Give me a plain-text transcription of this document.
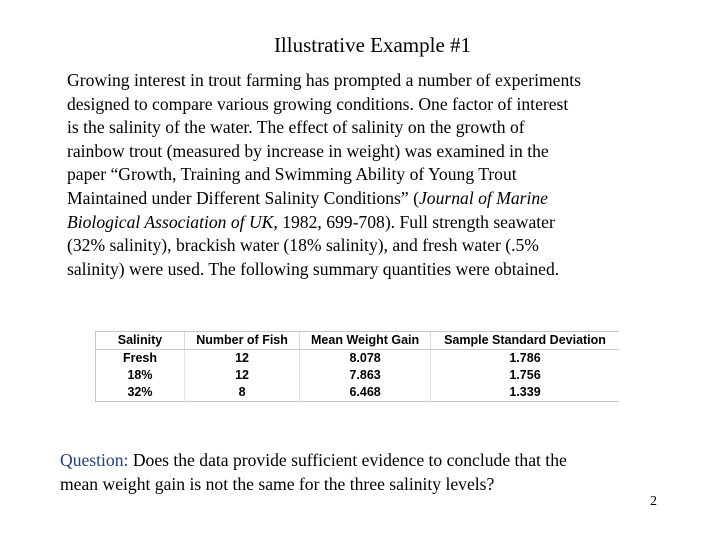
Illustrative Example #1
Growing interest in trout farming has prompted a number of experiments
designed to compare various growing conditions. One factor of interest
is the salinity of the water. The effect of salinity on the growth of
rainbow trout (measured by increase in weight) was examined in the
paper “Growth, Training and Swimming Ability of Young Trout
Maintained under Different Salinity Conditions” (Journal of Marine
Biological Association of UK, 1982, 699-708). Full strength seawater
(32% salinity), brackish water (18% salinity), and fresh water (.5%
salinity) were used. The following summary quantities were obtained.
Salinity	Number of Fish	Mean Weight Gain	Sample Standard Deviation
Fresh	12	8.078	1.786
18%	12	7.863	1.756
32%	8	6.468	1.339
Question: Does the data provide sufficient evidence to conclude that the
mean weight gain is not the same for the three salinity levels?
2
